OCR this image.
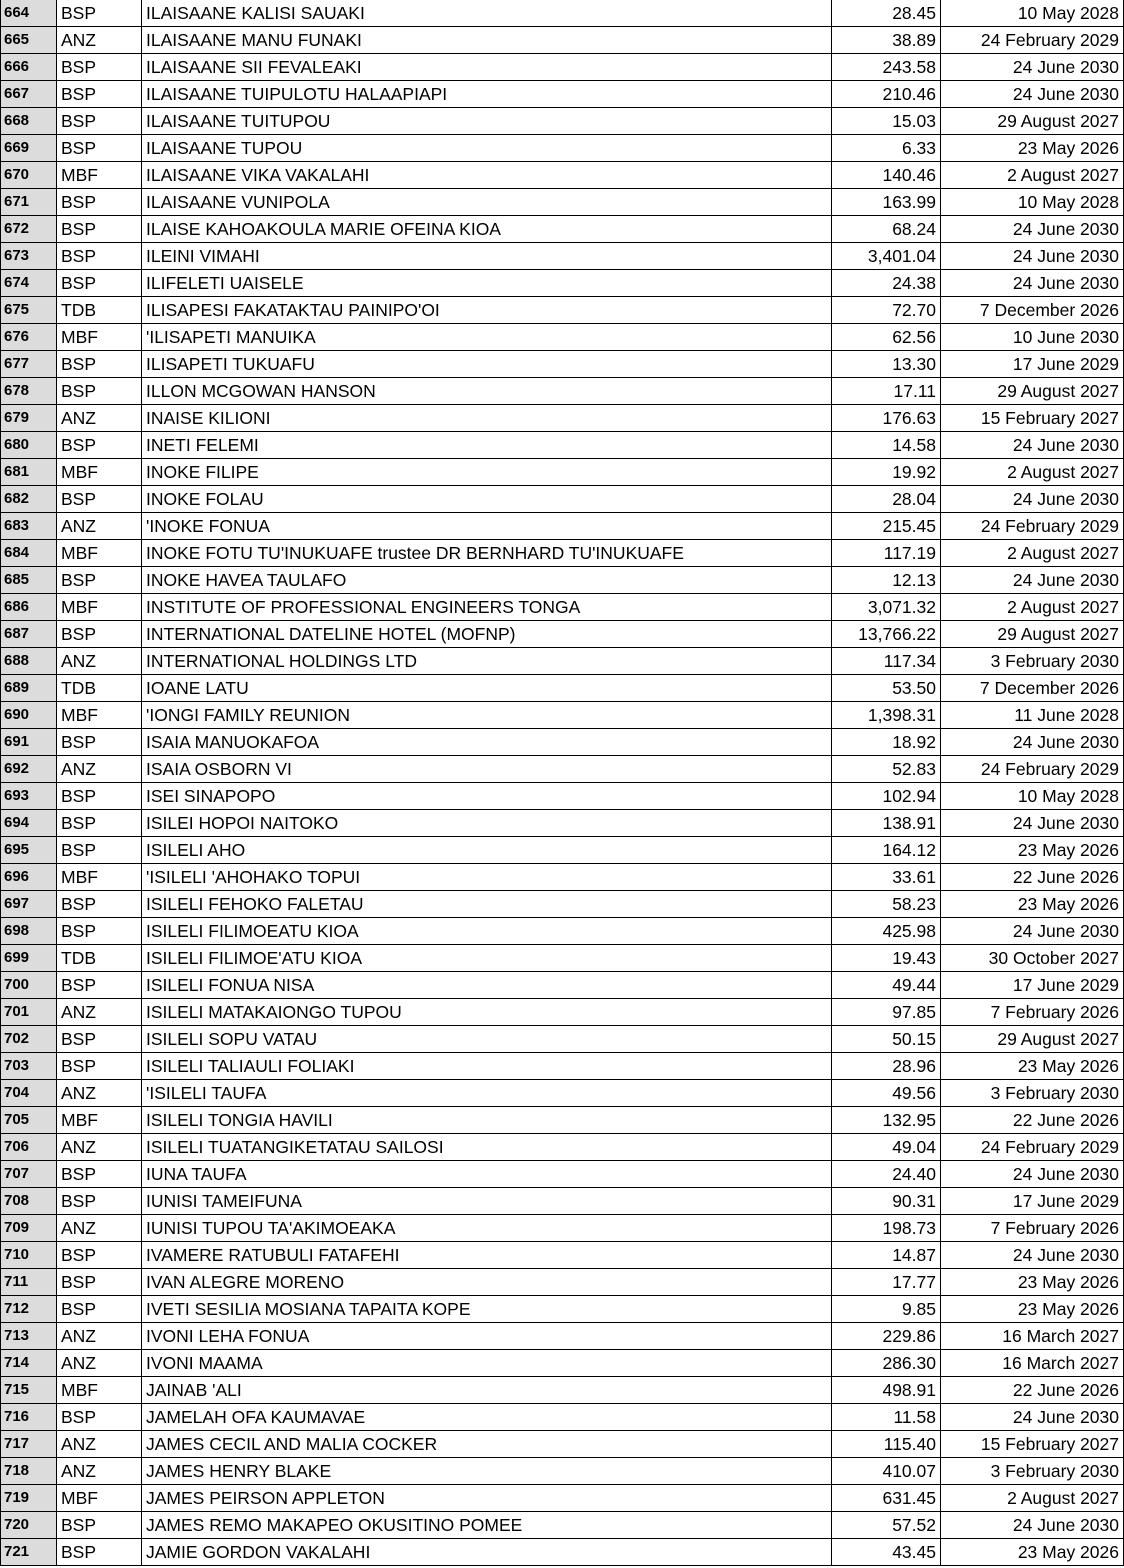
664	BSP	ILAISAANE KALISI SAUAKI	28.45	10 May 2028
665	ANZ	ILAISAANE MANU FUNAKI	38.89	24 February 2029
666	BSP	ILAISAANE SII FEVALEAKI	243.58	24 June 2030
667	BSP	ILAISAANE TUIPULOTU HALAAPIAPI	210.46	24 June 2030
668	BSP	ILAISAANE TUITUPOU	15.03	29 August 2027
669	BSP	ILAISAANE TUPOU	6.33	23 May 2026
670	MBF	ILAISAANE VIKA VAKALAHI	140.46	2 August 2027
671	BSP	ILAISAANE VUNIPOLA	163.99	10 May 2028
672	BSP	ILAISE KAHOAKOULA MARIE OFEINA KIOA	68.24	24 June 2030
673	BSP	ILEINI VIMAHI	3,401.04	24 June 2030
674	BSP	ILIFELETI UAISELE	24.38	24 June 2030
675	TDB	ILISAPESI FAKATAKTAU PAINIPO'OI	72.70	7 December 2026
676	MBF	'ILISAPETI MANUIKA	62.56	10 June 2030
677	BSP	ILISAPETI TUKUAFU	13.30	17 June 2029
678	BSP	ILLON MCGOWAN HANSON	17.11	29 August 2027
679	ANZ	INAISE KILIONI	176.63	15 February 2027
680	BSP	INETI FELEMI	14.58	24 June 2030
681	MBF	INOKE FILIPE	19.92	2 August 2027
682	BSP	INOKE FOLAU	28.04	24 June 2030
683	ANZ	'INOKE FONUA	215.45	24 February 2029
684	MBF	INOKE FOTU TU'INUKUAFE trustee DR BERNHARD TU'INUKUAFE	117.19	2 August 2027
685	BSP	INOKE HAVEA TAULAFO	12.13	24 June 2030
686	MBF	INSTITUTE OF PROFESSIONAL ENGINEERS TONGA	3,071.32	2 August 2027
687	BSP	INTERNATIONAL DATELINE HOTEL (MOFNP)	13,766.22	29 August 2027
688	ANZ	INTERNATIONAL HOLDINGS LTD	117.34	3 February 2030
689	TDB	IOANE LATU	53.50	7 December 2026
690	MBF	'IONGI FAMILY REUNION	1,398.31	11 June 2028
691	BSP	ISAIA MANUOKAFOA	18.92	24 June 2030
692	ANZ	ISAIA OSBORN VI	52.83	24 February 2029
693	BSP	ISEI SINAPOPO	102.94	10 May 2028
694	BSP	ISILEI HOPOI NAITOKO	138.91	24 June 2030
695	BSP	ISILELI AHO	164.12	23 May 2026
696	MBF	'ISILELI 'AHOHAKO TOPUI	33.61	22 June 2026
697	BSP	ISILELI FEHOKO FALETAU	58.23	23 May 2026
698	BSP	ISILELI FILIMOEATU KIOA	425.98	24 June 2030
699	TDB	ISILELI FILIMOE'ATU KIOA	19.43	30 October 2027
700	BSP	ISILELI FONUA NISA	49.44	17 June 2029
701	ANZ	ISILELI MATAKAIONGO TUPOU	97.85	7 February 2026
702	BSP	ISILELI SOPU VATAU	50.15	29 August 2027
703	BSP	ISILELI TALIAULI FOLIAKI	28.96	23 May 2026
704	ANZ	'ISILELI TAUFA	49.56	3 February 2030
705	MBF	ISILELI TONGIA HAVILI	132.95	22 June 2026
706	ANZ	ISILELI TUATANGIKETATAU SAILOSI	49.04	24 February 2029
707	BSP	IUNA TAUFA	24.40	24 June 2030
708	BSP	IUNISI TAMEIFUNA	90.31	17 June 2029
709	ANZ	IUNISI TUPOU TA'AKIMOEAKA	198.73	7 February 2026
710	BSP	IVAMERE RATUBULI FATAFEHI	14.87	24 June 2030
711	BSP	IVAN ALEGRE MORENO	17.77	23 May 2026
712	BSP	IVETI SESILIA MOSIANA TAPAITA KOPE	9.85	23 May 2026
713	ANZ	IVONI LEHA FONUA	229.86	16 March 2027
714	ANZ	IVONI MAAMA	286.30	16 March 2027
715	MBF	JAINAB 'ALI	498.91	22 June 2026
716	BSP	JAMELAH OFA KAUMAVAE	11.58	24 June 2030
717	ANZ	JAMES CECIL AND MALIA COCKER	115.40	15 February 2027
718	ANZ	JAMES HENRY BLAKE	410.07	3 February 2030
719	MBF	JAMES PEIRSON APPLETON	631.45	2 August 2027
720	BSP	JAMES REMO MAKAPEO OKUSITINO POMEE	57.52	24 June 2030
721	BSP	JAMIE GORDON VAKALAHI	43.45	23 May 2026
